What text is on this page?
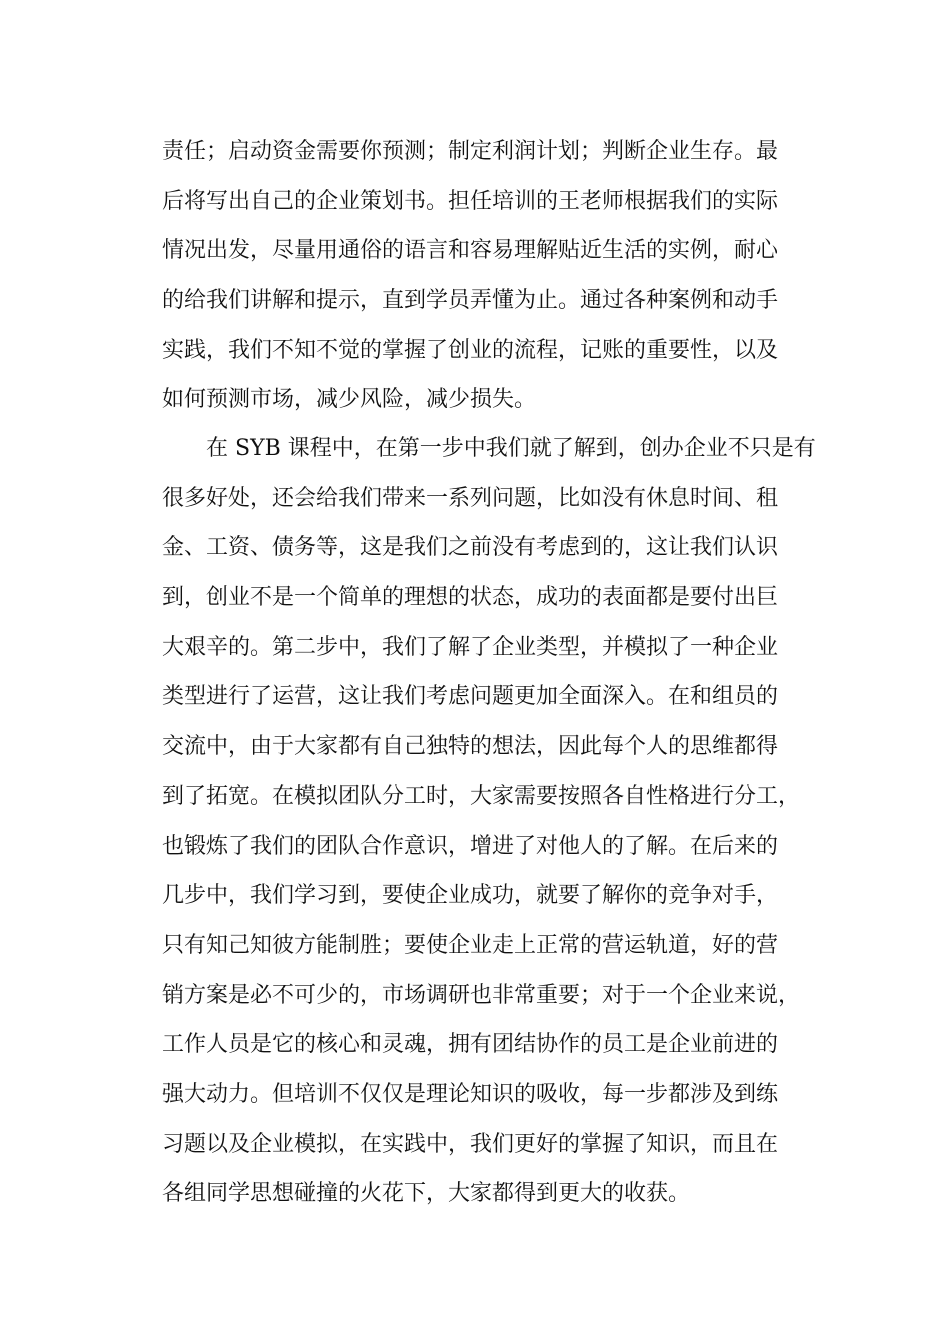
责任；启动资金需要你预测；制定利润计划；判断企业生存。最
后将写出自己的企业策划书。担任培训的王老师根据我们的实际
情况出发，尽量用通俗的语言和容易理解贴近生活的实例，耐心
的给我们讲解和提示，直到学员弄懂为止。通过各种案例和动手
实践，我们不知不觉的掌握了创业的流程，记账的重要性，以及
如何预测市场，减少风险，减少损失。
在 SYB 课程中，在第一步中我们就了解到，创办企业不只是有
很多好处，还会给我们带来一系列问题，比如没有休息时间、租
金、工资、债务等，这是我们之前没有考虑到的，这让我们认识
到，创业不是一个简单的理想的状态，成功的表面都是要付出巨
大艰辛的。第二步中，我们了解了企业类型，并模拟了一种企业
类型进行了运营，这让我们考虑问题更加全面深入。在和组员的
交流中，由于大家都有自己独特的想法，因此每个人的思维都得
到了拓宽。在模拟团队分工时，大家需要按照各自性格进行分工，
也锻炼了我们的团队合作意识，增进了对他人的了解。在后来的
几步中，我们学习到，要使企业成功，就要了解你的竞争对手，
只有知己知彼方能制胜；要使企业走上正常的营运轨道，好的营
销方案是必不可少的，市场调研也非常重要；对于一个企业来说，
工作人员是它的核心和灵魂，拥有团结协作的员工是企业前进的
强大动力。但培训不仅仅是理论知识的吸收，每一步都涉及到练
习题以及企业模拟，在实践中，我们更好的掌握了知识，而且在
各组同学思想碰撞的火花下，大家都得到更大的收获。
